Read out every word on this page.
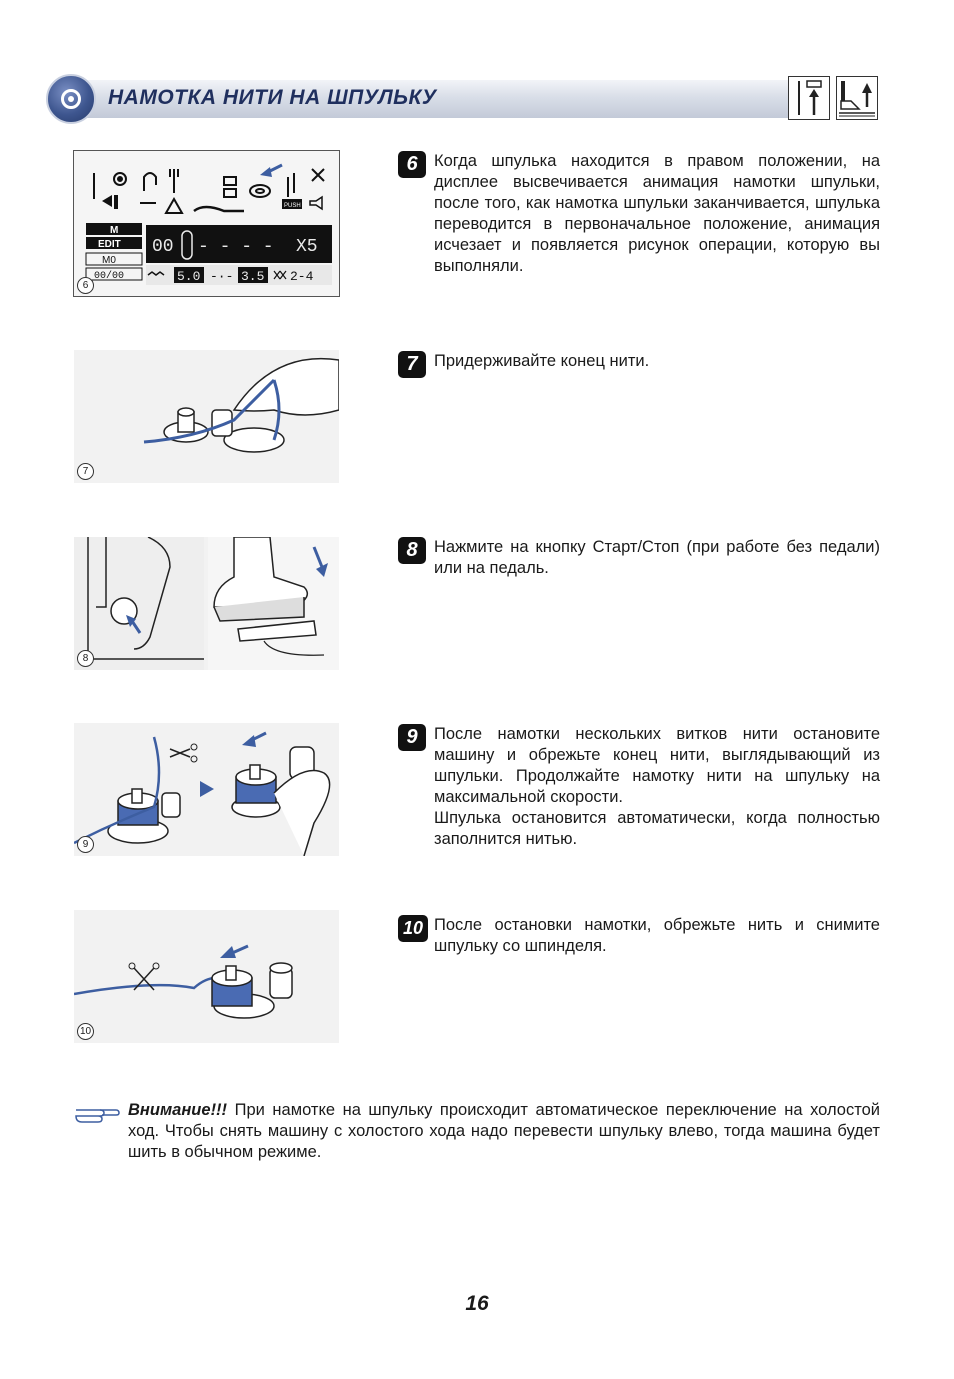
НАМОТКА НИТИ НА ШПУЛЬКУ
PUSH
M
EDIT
M0
00/00
00 - - - - X5
5.0 -·- 3.5 2-4
6
7
8
9
10
6 Когда шпулька находится в правом положении, на дисплее высвечивается анимация намотки шпульки, после того, как намотка шпульки заканчивается, шпулька переводится в первоначальное положение, анимация исчезает и появляется рисунок операции, которую вы выполняли.
7 Придерживайте конец нити.
8 Нажмите на кнопку Старт/Стоп (при работе без педали) или на педаль.
9 После намотки нескольких витков нити остановите машину и обрежьте конец нити, выглядывающий из шпульки. Продолжайте намотку нити на шпульку на максимальной скорости.
Шпулька остановится автоматически, когда полностью заполнится нитью.
10 После остановки намотки, обрежьте нить и снимите шпульку со шпинделя.
Внимание!!! При намотке на шпульку происходит автоматическое переключение на холостой ход. Чтобы снять машину с холостого хода надо перевести шпульку влево, тогда машина будет шить в обычном режиме.
16
